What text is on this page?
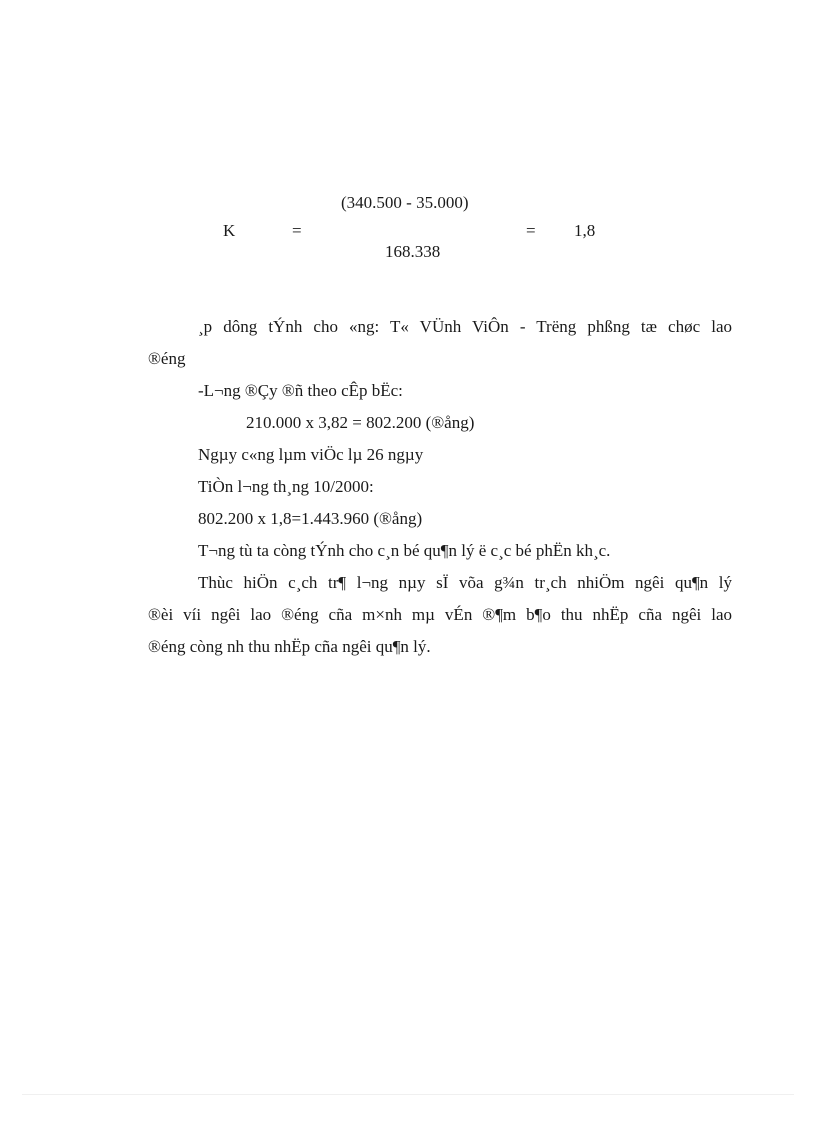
(340.500 - 35.000)
K	=	= 1,8
168.338
¸p dông tÝnh cho «ng: T« VÜnh ViÔn - Trëng phßng tæ chøc lao
®éng
-L¬ng ®Çy ®ñ theo cÊp bËc:
210.000 x 3,82 = 802.200 (®ång)
Ngµy c«ng lµm viÖc lµ 26 ngµy
TiÒn l¬ng th¸ng 10/2000:
802.200 x 1,8=1.443.960 (®ång)
T¬ng tù ta còng tÝnh cho c¸n bé qu¶n lý ë c¸c bé phËn kh¸c.
Thùc hiÖn c¸ch tr¶ l¬ng nµy sÏ võa g¾n tr¸ch nhiÖm ngêi qu¶n lý
®èi víi ngêi lao ®éng cña m×nh mµ vÉn ®¶m b¶o thu nhËp cña ngêi lao
®éng còng nh thu nhËp cña ngêi qu¶n lý.
